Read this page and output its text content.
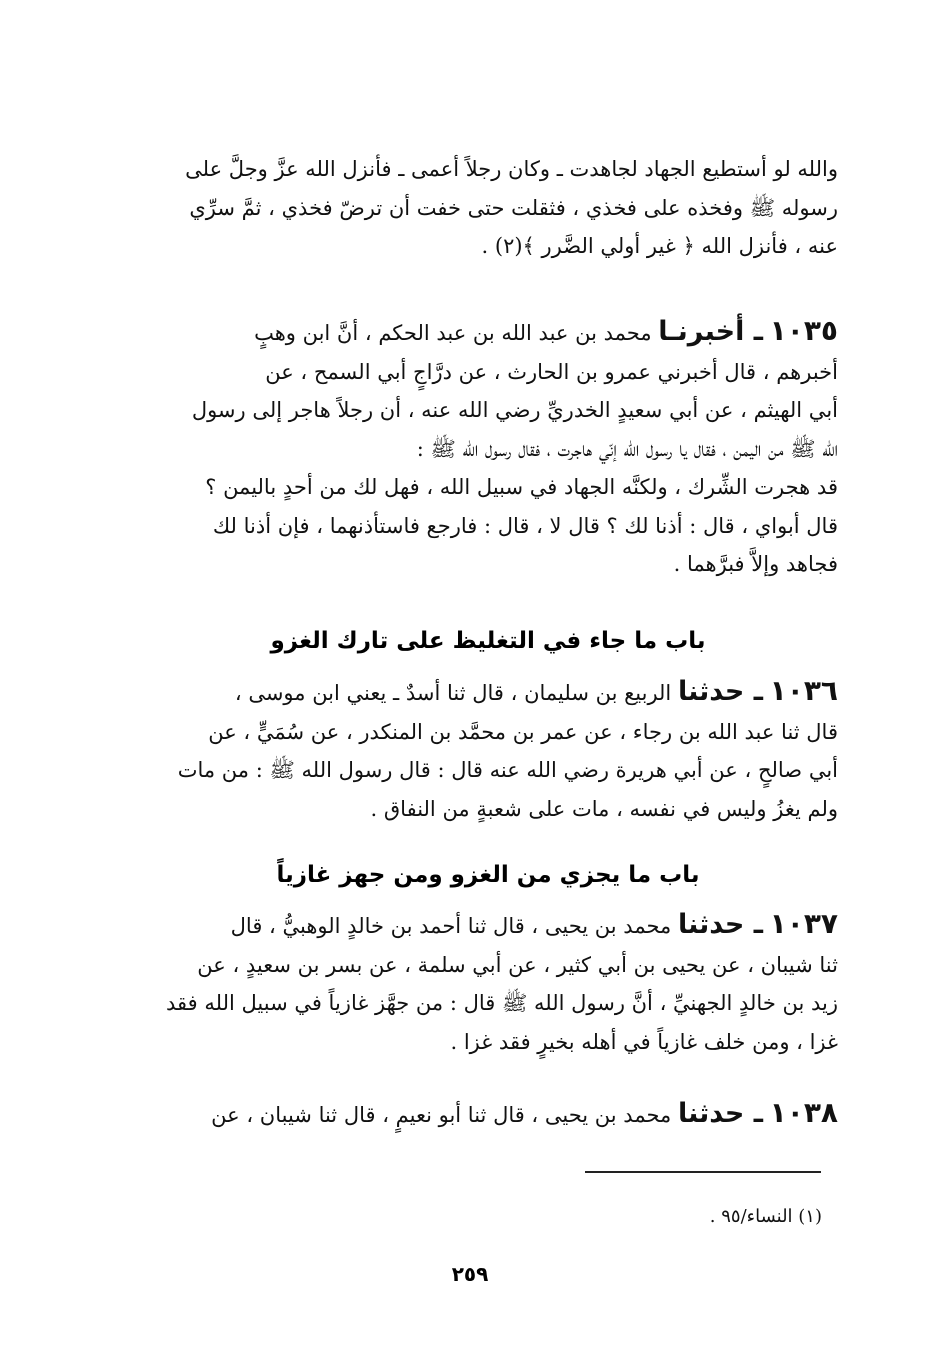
والله لو أستطيع الجهاد لجاهدت ـ وكان رجلاً أعمى ـ فأنزل الله عزَّ وجلَّ على
رسوله ﷺ وفخذه على فخذي ، فثقلت حتى خفت أن ترضّ فخذي ، ثمَّ سرِّي
عنه ، فأنزل الله ﴿ غير أولي الضَّرر ﴾(٢) .
١٠٣٥ ـ أخبرنـا محمد بن عبد الله بن عبد الحكم ، أنَّ ابن وهبٍ
أخبرهم ، قال أخبرني عمرو بن الحارث ، عن درَّاجٍ أبي السمح ، عن
أبي الهيثم ، عن أبي سعيدٍ الخدريِّ رضي الله عنه ، أن رجلاً هاجر إلى رسول
الله ﷺ من اليمن ، فقال يا رسول الله إنّي هاجرت ، فقال رسول الله ﷺ :
قد هجرت الشِّرك ، ولكنَّه الجهاد في سبيل الله ، فهل لك من أحدٍ باليمن ؟
قال أبواي ، قال : أذنا لك ؟ قال لا ، قال : فارجع فاستأذنهما ، فإن أذنا لك
فجاهد وإلاَّ فبرَّهما .
باب ما جاء في التغليظ على تارك الغزو
١٠٣٦ ـ حدثنا الربيع بن سليمان ، قال ثنا أسدٌ ـ يعني ابن موسى ،
قال ثنا عبد الله بن رجاء ، عن عمر بن محمَّد بن المنكدر ، عن سُمَيٍّ ، عن
أبي صالحٍ ، عن أبي هريرة رضي الله عنه قال : قال رسول الله ﷺ : من مات
ولم يغزُ وليس في نفسه ، مات على شعبةٍ من النفاق .
باب ما يجزي من الغزو ومن جهز غازياً
١٠٣٧ ـ حدثنا محمد بن يحيى ، قال ثنا أحمد بن خالدٍ الوهبيُّ ، قال
ثنا شيبان ، عن يحيى بن أبي كثير ، عن أبي سلمة ، عن بسر بن سعيدٍ ، عن
زيد بن خالدٍ الجهنيِّ ، أنَّ رسول الله ﷺ قال : من جهَّز غازياً في سبيل الله فقد
غزا ، ومن خلف غازياً في أهله بخيرٍ فقد غزا .
١٠٣٨ ـ حدثنا محمد بن يحيى ، قال ثنا أبو نعيمٍ ، قال ثنا شيبان ، عن
(١) النساء/٩٥ .
٢٥٩
